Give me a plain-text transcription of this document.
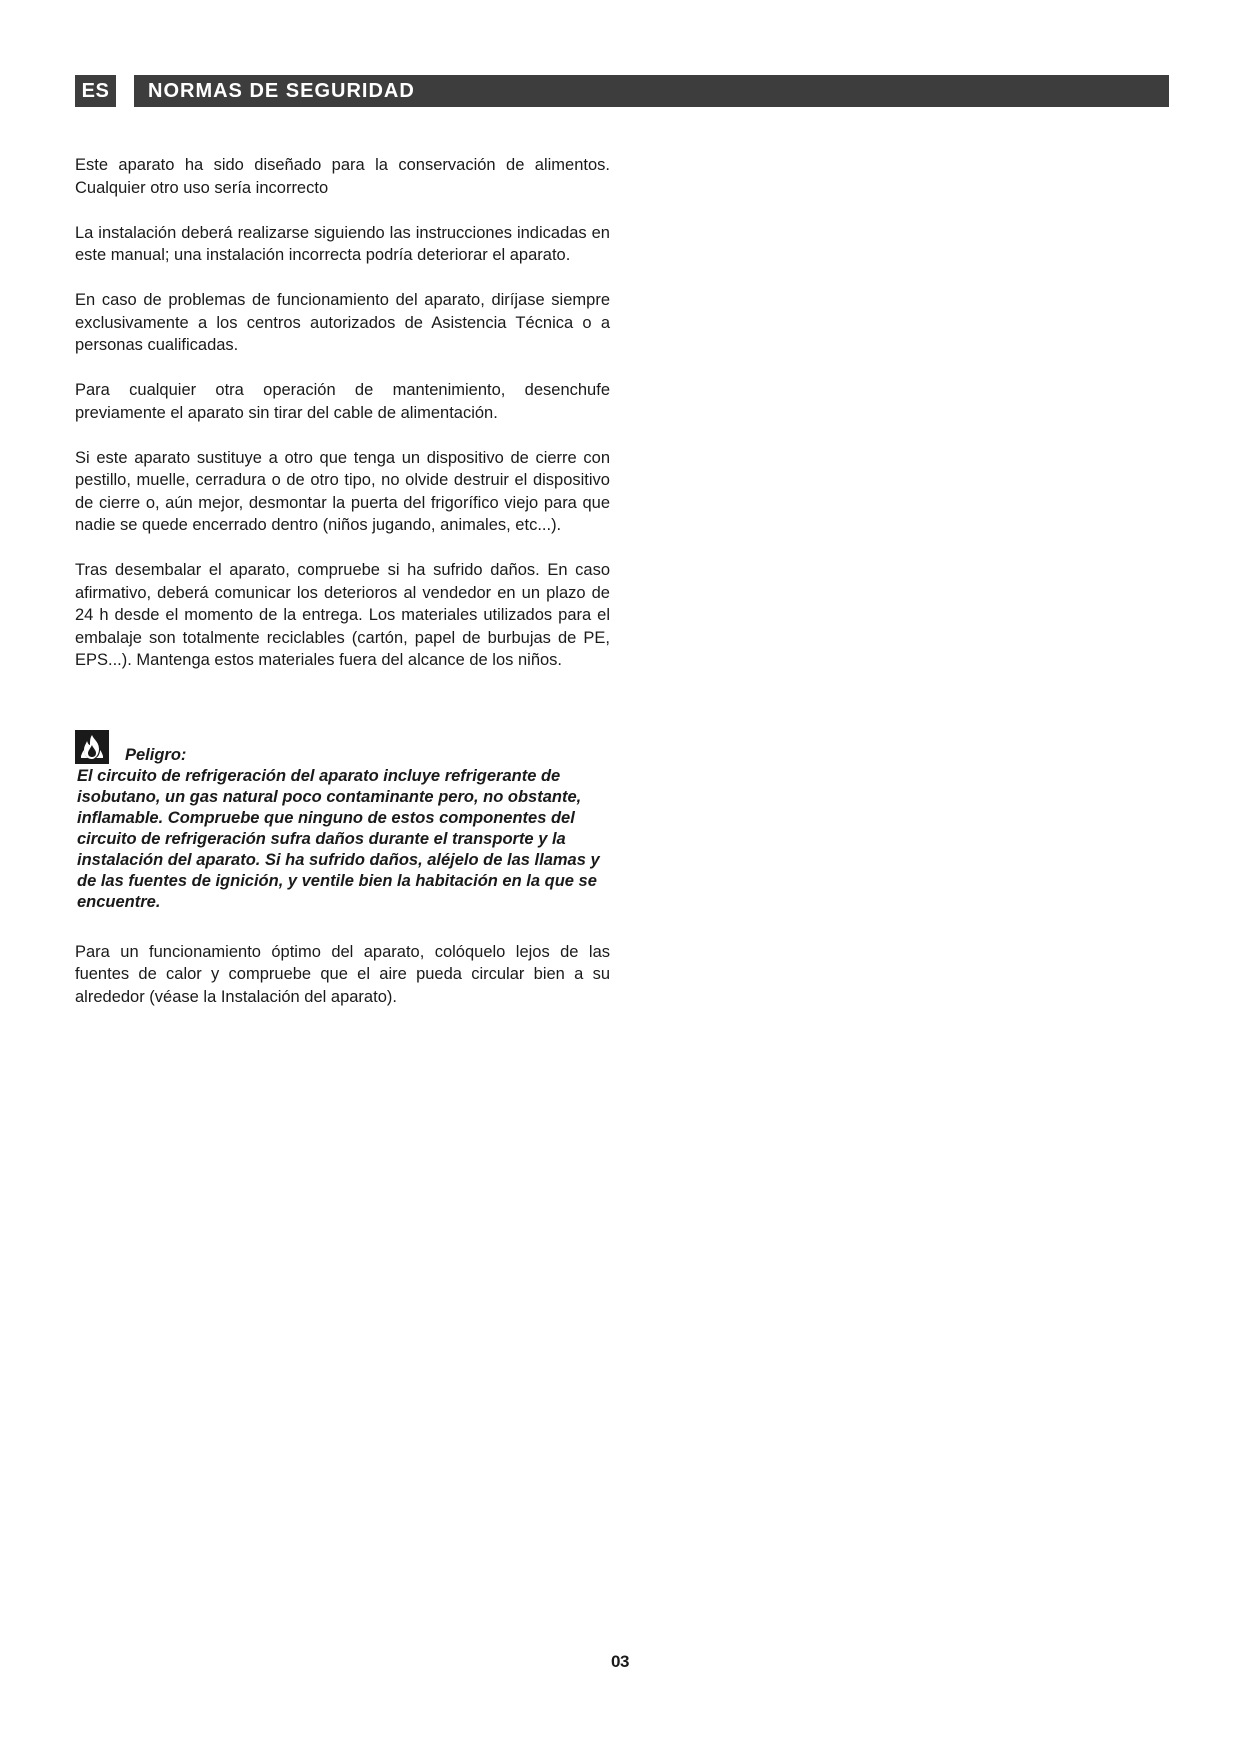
ES	NORMAS DE SEGURIDAD

Este aparato ha sido diseñado para la conservación de alimentos. Cualquier otro uso sería incorrecto

La instalación deberá realizarse siguiendo las instrucciones indicadas en este manual; una instalación incorrecta podría deteriorar el aparato.

En caso de problemas de funcionamiento del aparato, diríjase siempre exclusivamente a los centros autorizados de Asistencia Técnica o a personas cualificadas.

Para cualquier otra operación de mantenimiento, desenchufe previamente el aparato sin tirar del cable de alimentación.

Si este aparato sustituye a otro que tenga un dispositivo de cierre con pestillo, muelle, cerradura o de otro tipo, no olvide destruir el dispositivo de cierre o, aún mejor, desmontar la puerta del frigorífico viejo para que nadie se quede encerrado dentro (niños jugando, animales, etc...).

Tras desembalar el aparato, compruebe si ha sufrido daños. En caso afirmativo, deberá comunicar los deterioros al vendedor en un plazo de 24 h desde el momento de la entrega. Los materiales utilizados para el embalaje son totalmente reciclables (cartón, papel de burbujas de PE, EPS...). Mantenga estos materiales fuera del alcance de los niños.

Peligro:

El circuito de refrigeración del aparato incluye refrigerante de isobutano, un gas natural poco contaminante pero, no obstante, inflamable. Compruebe que ninguno de estos componentes del circuito de refrigeración sufra daños durante el transporte y la instalación del aparato. Si ha sufrido daños, aléjelo de las llamas y de las fuentes de ignición, y ventile bien la habitación en la que se encuentre.

Para un funcionamiento óptimo del aparato, colóquelo lejos de las fuentes de calor y compruebe que el aire pueda circular bien a su alrededor (véase la Instalación del aparato).

03
